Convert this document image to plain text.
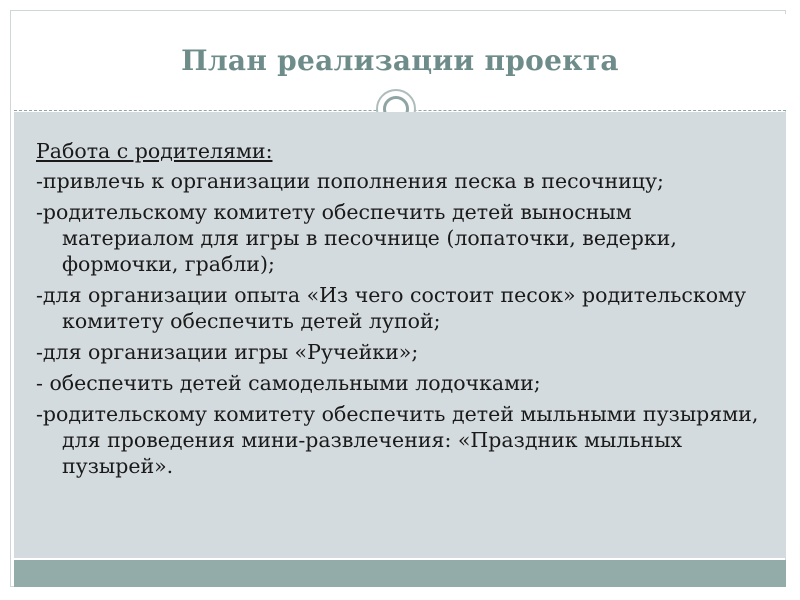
План реализации проекта
Работа с родителями:
-привлечь к организации пополнения песка в песочницу;
-родительскому комитету обеспечить детей выносным материалом для игры в песочнице (лопаточки, ведерки, формочки, грабли);
-для организации опыта «Из чего состоит песок» родительскому комитету обеспечить детей лупой;
-для организации игры «Ручейки»;
- обеспечить детей самодельными лодочками;
-родительскому комитету обеспечить детей мыльными пузырями, для проведения мини-развлечения: «Праздник мыльных пузырей».
